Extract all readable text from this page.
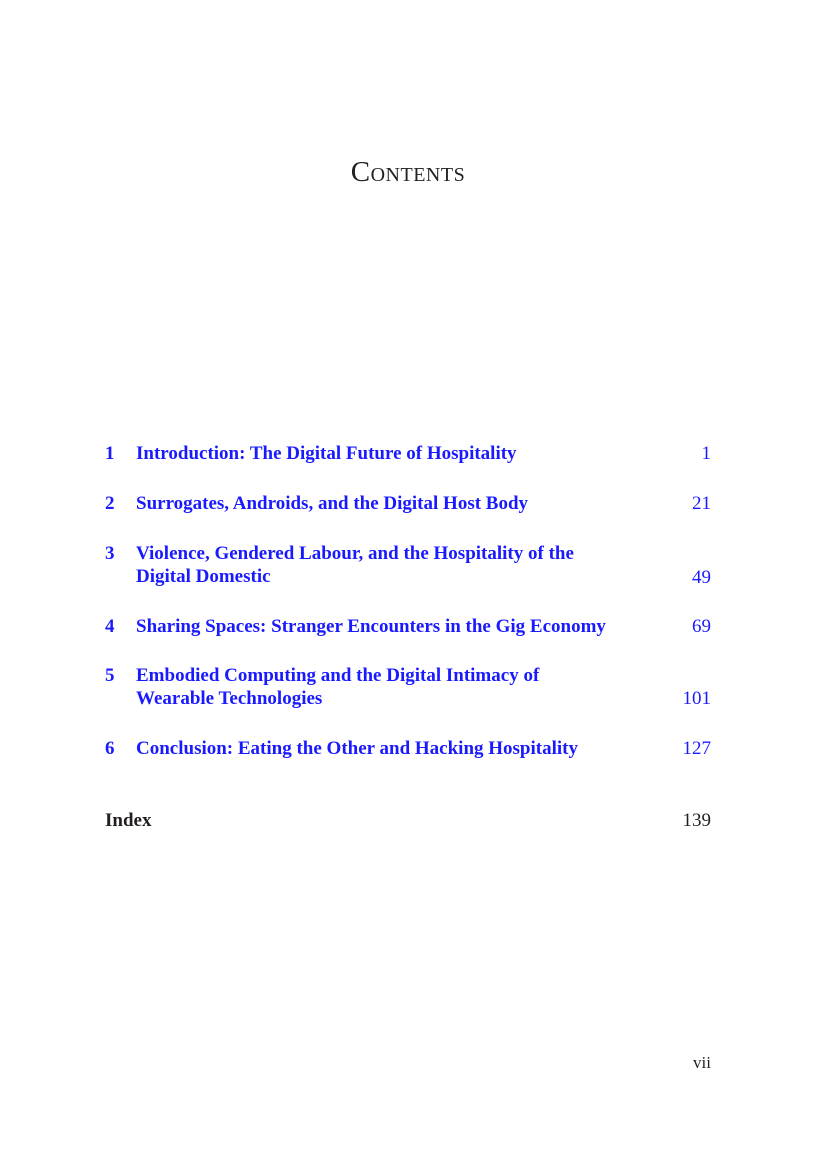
Contents
1	Introduction: The Digital Future of Hospitality	1
2	Surrogates, Androids, and the Digital Host Body	21
3	Violence, Gendered Labour, and the Hospitality of the
Digital Domestic	49
4	Sharing Spaces: Stranger Encounters in the Gig Economy	69
5	Embodied Computing and the Digital Intimacy of
Wearable Technologies	101
6	Conclusion: Eating the Other and Hacking Hospitality	127
Index	139
vii
